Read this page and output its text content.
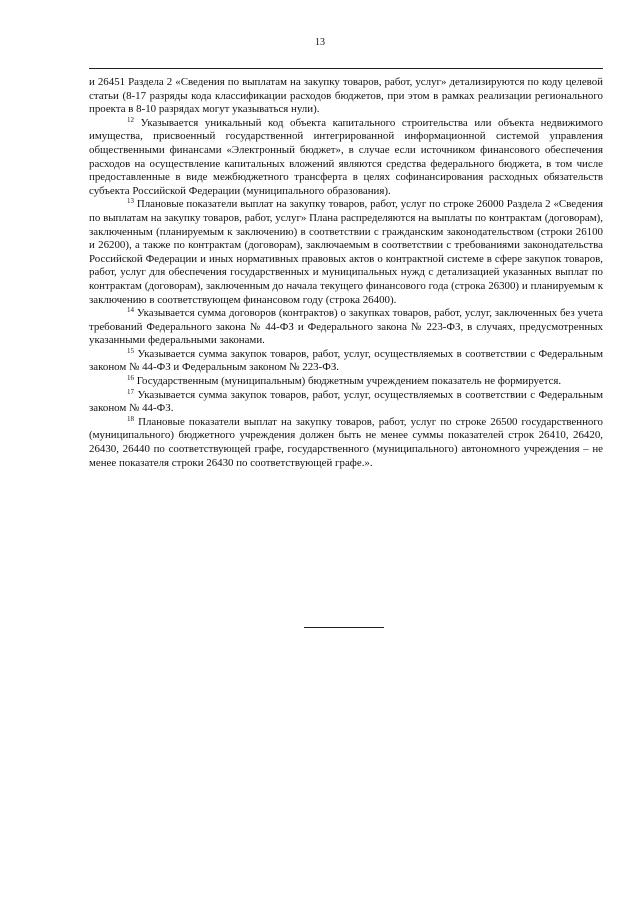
13

и 26451 Раздела 2 «Сведения по выплатам на закупку товаров, работ, услуг» детализируются по коду целевой статьи (8-17 разряды кода классификации расходов бюджетов, при этом в рамках реализации регионального проекта в 8-10 разрядах могут указываться нули).

$^{12}$ Указывается уникальный код объекта капитального строительства или объекта недвижимого имущества, присвоенный государственной интегрированной информационной системой управления общественными финансами «Электронный бюджет», в случае если источником финансового обеспечения расходов на осуществление капитальных вложений являются средства федерального бюджета, в том числе предоставленные в виде межбюджетного трансферта в целях софинансирования расходных обязательств субъекта Российской Федерации (муниципального образования).

$^{13}$ Плановые показатели выплат на закупку товаров, работ, услуг по строке 26000 Раздела 2 «Сведения по выплатам на закупку товаров, работ, услуг» Плана распределяются на выплаты по контрактам (договорам), заключенным (планируемым к заключению) в соответствии с гражданским законодательством (строки 26100 и 26200), а также по контрактам (договорам), заключаемым в соответствии с требованиями законодательства Российской Федерации и иных нормативных правовых актов о контрактной системе в сфере закупок товаров, работ, услуг для обеспечения государственных и муниципальных нужд с детализацией указанных выплат по контрактам (договорам), заключенным до начала текущего финансового года (строка 26300) и планируемым к заключению в соответствующем финансовом году (строка 26400).

$^{14}$ Указывается сумма договоров (контрактов) о закупках товаров, работ, услуг, заключенных без учета требований Федерального закона № 44-ФЗ и Федерального закона № 223-ФЗ, в случаях, предусмотренных указанными федеральными законами.

$^{15}$ Указывается сумма закупок товаров, работ, услуг, осуществляемых в соответствии с Федеральным законом № 44-ФЗ и Федеральным законом № 223-ФЗ.

$^{16}$ Государственным (муниципальным) бюджетным учреждением показатель не формируется.

$^{17}$ Указывается сумма закупок товаров, работ, услуг, осуществляемых в соответствии с Федеральным законом № 44-ФЗ.

$^{18}$ Плановые показатели выплат на закупку товаров, работ, услуг по строке 26500 государственного (муниципального) бюджетного учреждения должен быть не менее суммы показателей строк 26410, 26420, 26430, 26440 по соответствующей графе, государственного (муниципального) автономного учреждения – не менее показателя строки 26430 по соответствующей графе.».
